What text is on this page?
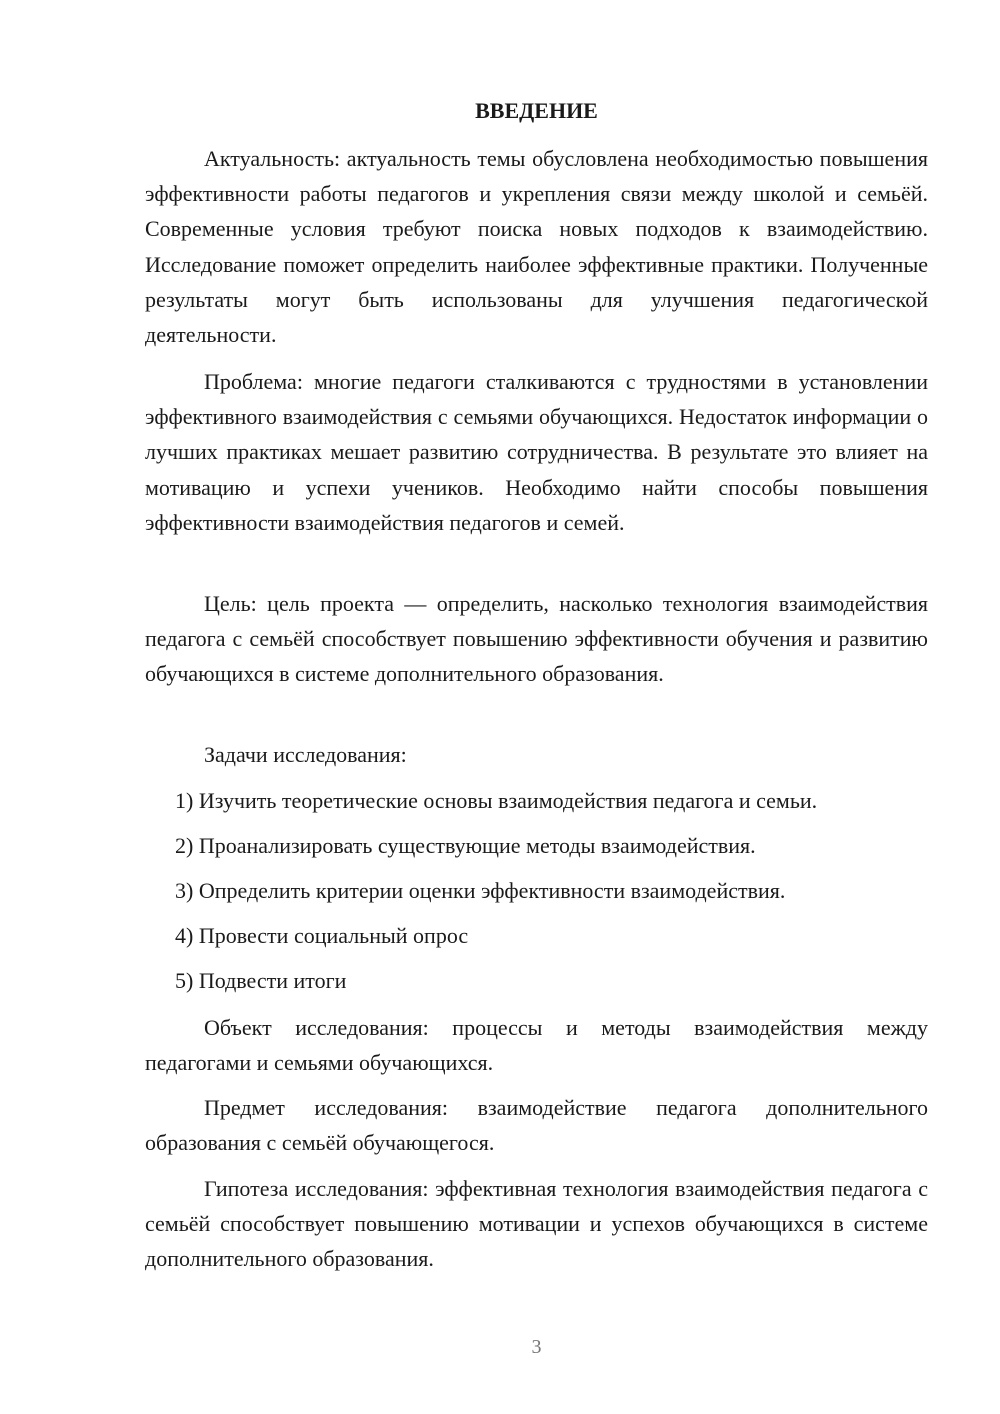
ВВЕДЕНИЕ

Актуальность: актуальность темы обусловлена необходимостью повышения эффективности работы педагогов и укрепления связи между школой и семьёй. Современные условия требуют поиска новых подходов к взаимодействию. Исследование поможет определить наиболее эффективные практики. Полученные результаты могут быть использованы для улучшения педагогической деятельности.

Проблема: многие педагоги сталкиваются с трудностями в установлении эффективного взаимодействия с семьями обучающихся. Недостаток информации о лучших практиках мешает развитию сотрудничества. В результате это влияет на мотивацию и успехи учеников. Необходимо найти способы повышения эффективности взаимодействия педагогов и семей.

Цель: цель проекта — определить, насколько технология взаимодействия педагога с семьёй способствует повышению эффективности обучения и развитию обучающихся в системе дополнительного образования.

Задачи исследования:
1) Изучить теоретические основы взаимодействия педагога и семьи.
2) Проанализировать существующие методы взаимодействия.
3) Определить критерии оценки эффективности взаимодействия.
4) Провести социальный опрос
5) Подвести итоги

Объект исследования: процессы и методы взаимодействия между педагогами и семьями обучающихся.

Предмет исследования: взаимодействие педагога дополнительного образования с семьёй обучающегося.

Гипотеза исследования: эффективная технология взаимодействия педагога с семьёй способствует повышению мотивации и успехов обучающихся в системе дополнительного образования.

3
